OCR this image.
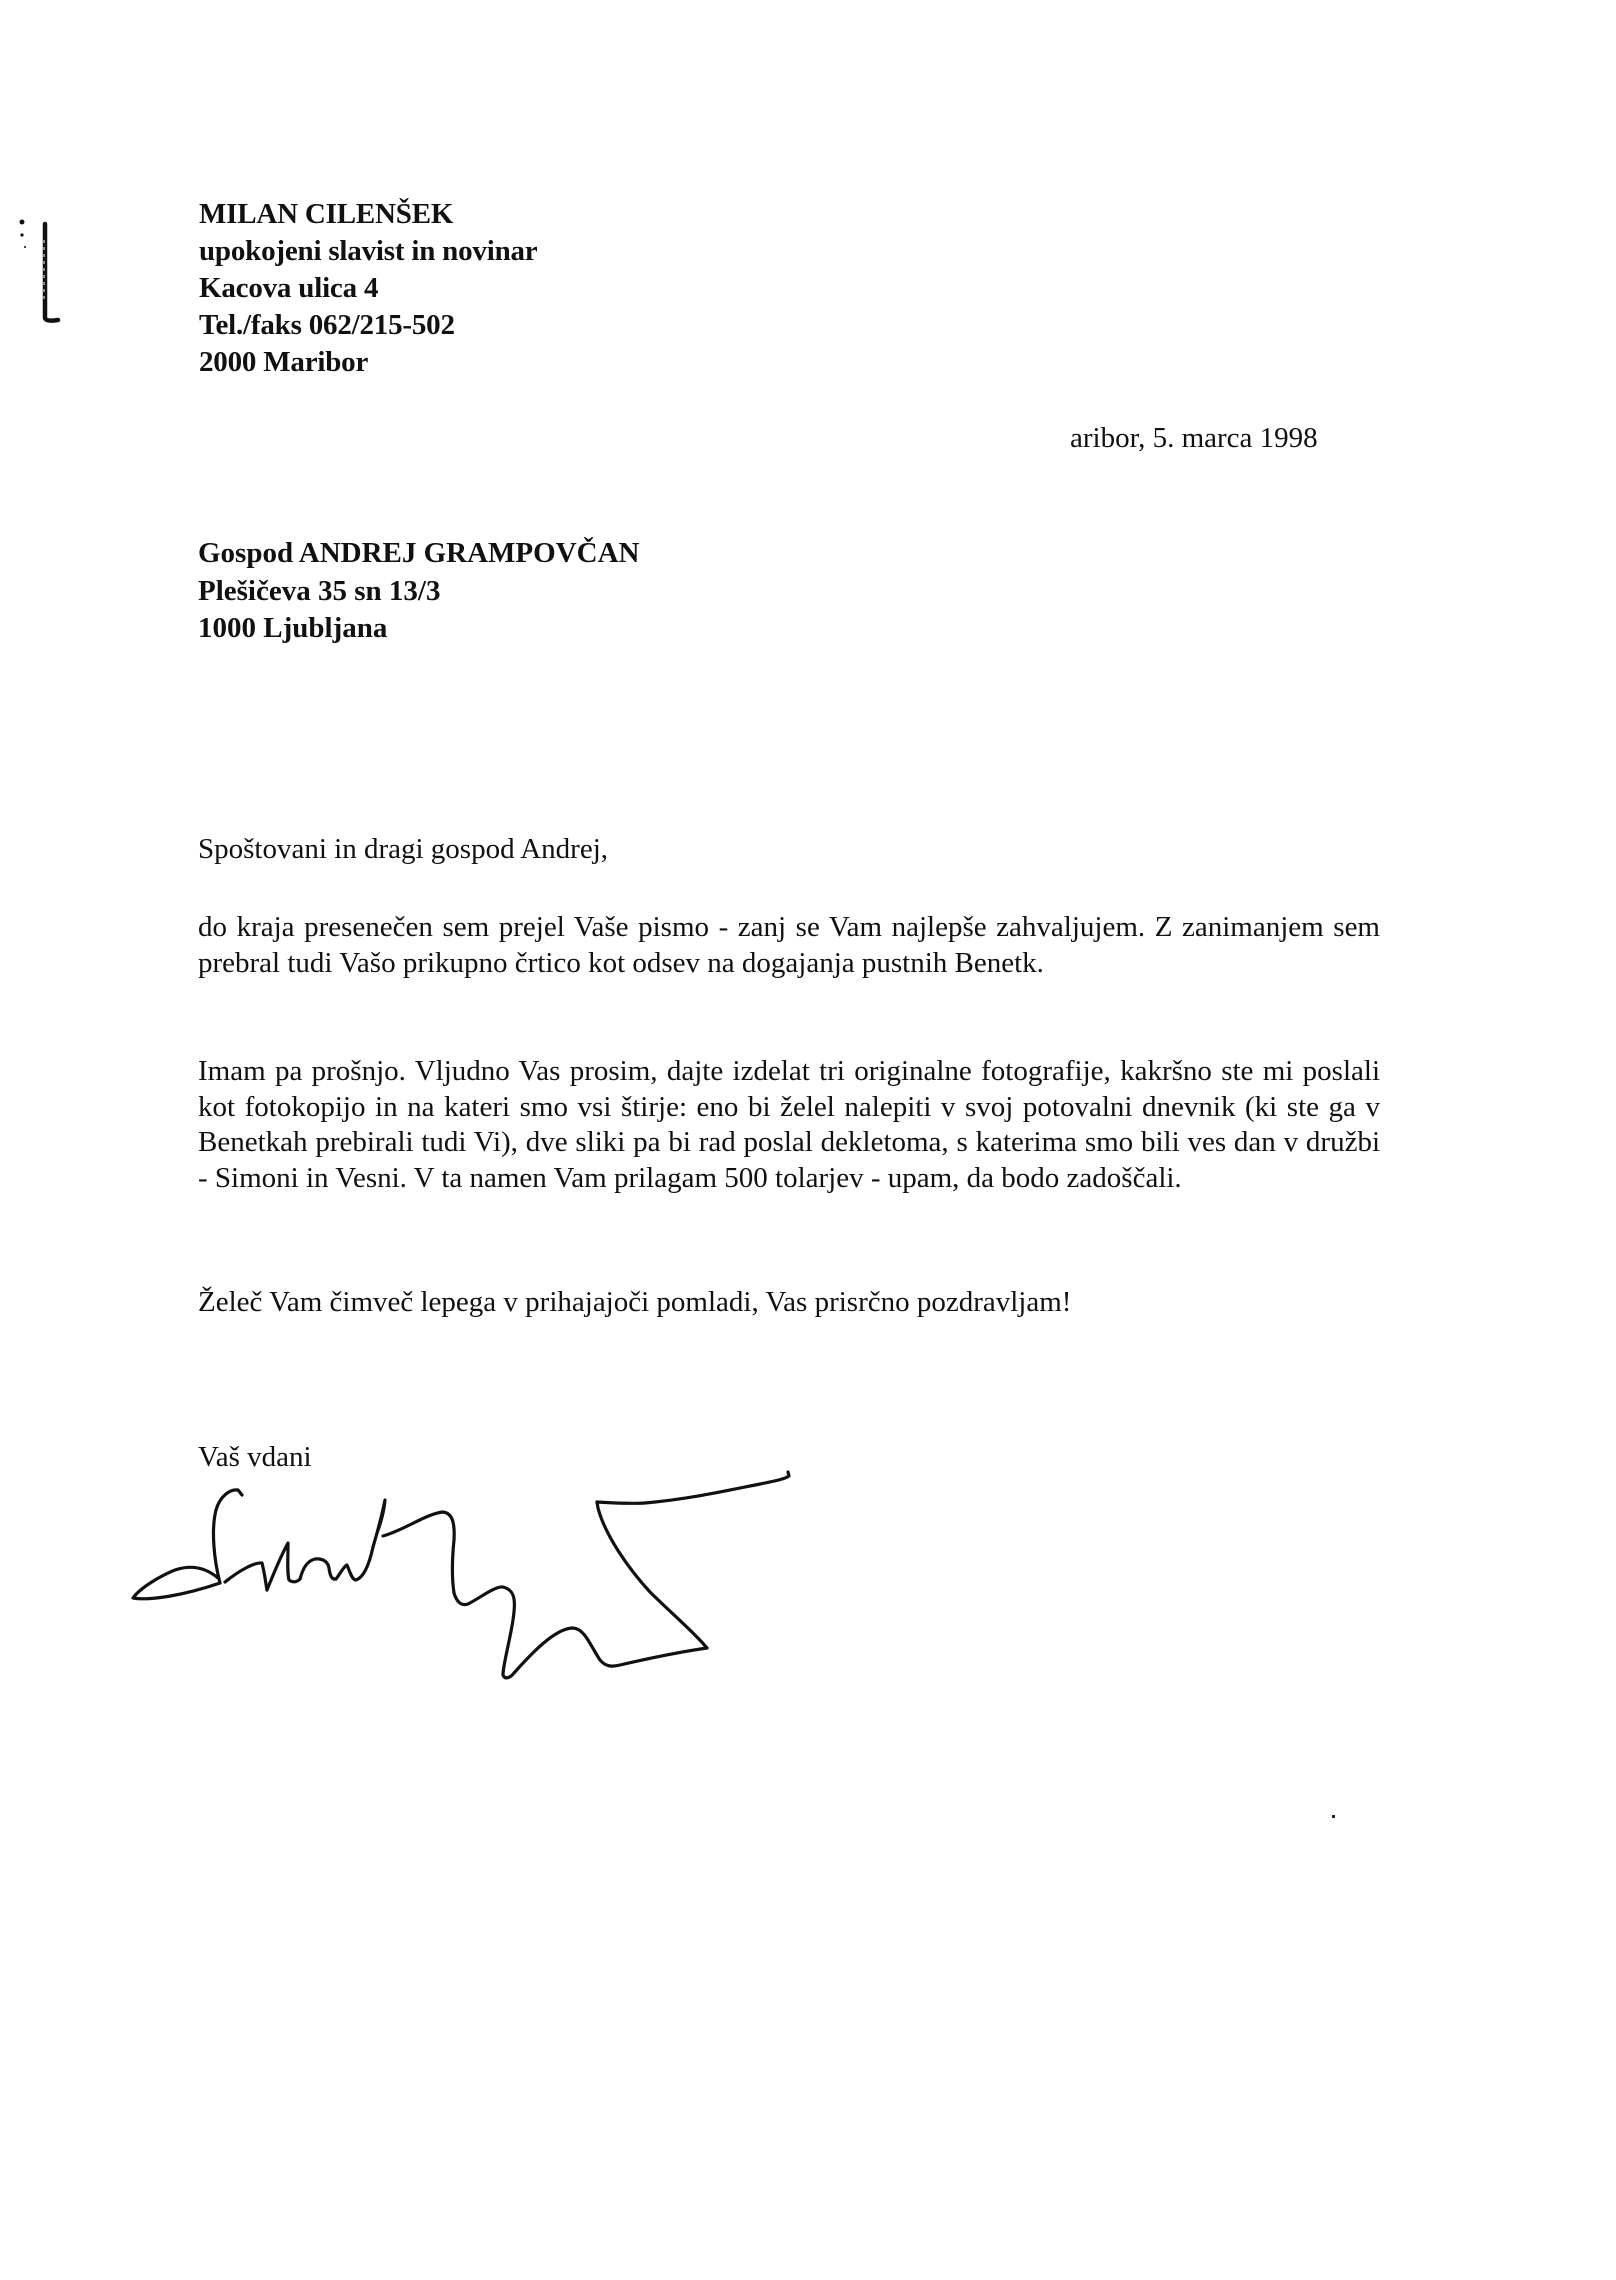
MILAN CILENŠEK
upokojeni slavist in novinar
Kacova ulica 4
Tel./faks 062/215-502
2000 Maribor
aribor, 5. marca 1998
Gospod ANDREJ GRAMPOVČAN
Plešičeva 35 sn 13/3
1000 Ljubljana
Spoštovani in dragi gospod Andrej,
do kraja presenečen sem prejel Vaše pismo - zanj se Vam najlepše zahvaljujem. Z zanimanjem sem prebral tudi Vašo prikupno črtico kot odsev na dogajanja pustnih Benetk.
Imam pa prošnjo. Vljudno Vas prosim, dajte izdelat tri originalne fotografije, kakršno ste mi poslali kot fotokopijo in na kateri smo vsi štirje: eno bi želel nalepiti v svoj potovalni dnevnik (ki ste ga v Benetkah prebirali tudi Vi), dve sliki pa bi rad poslal dekletoma, s katerima smo bili ves dan v družbi - Simoni in Vesni. V ta namen Vam prilagam 500 tolarjev - upam, da bodo zadoščali.
Želeč Vam čimveč lepega v prihajajoči pomladi, Vas prisrčno pozdravljam!
Vaš vdani
